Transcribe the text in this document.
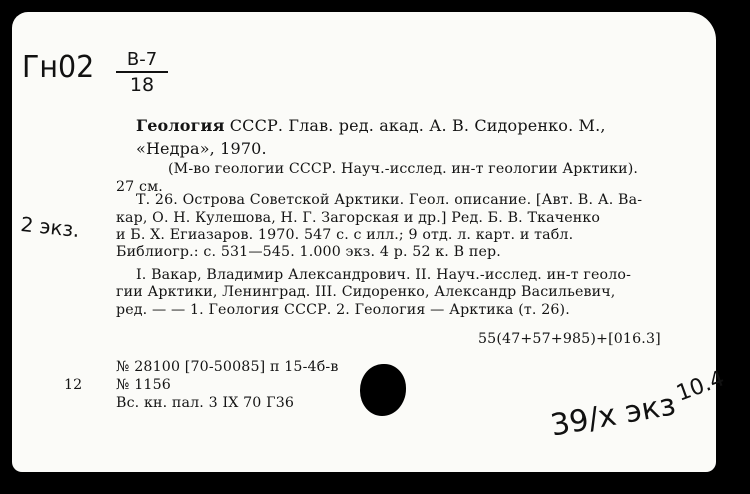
Гн02	В-7
18
Геология СССР. Глав. ред. акад. А. В. Сидоренко. М.,
«Недра», 1970.
(М-во геологии СССР. Науч.-исслед. ин-т геологии Арктики).
27 см.
Т. 26. Острова Советской Арктики. Геол. описание. [Авт. В. А. Ва-
кар, О. Н. Кулешова, Н. Г. Загорская и др.] Ред. Б. В. Ткаченко
и Б. Х. Егиазаров. 1970. 547 с. с илл.; 9 отд. л. карт. и табл.
Библиогр.: с. 531—545. 1.000 экз. 4 р. 52 к. В пер.
I. Вакар, Владимир Александрович. II. Науч.-исслед. ин-т геоло-
гии Арктики, Ленинград. III. Сидоренко, Александр Васильевич,
ред. — — 1. Геология СССР. 2. Геология — Арктика (т. 26).
55(47+57+985)+[016.3]
№ 28100 [70-50085] п 15-4б-в
12 № 1156
Вс. кн. пал. 3 IX 70 Г36
2 экз.
10.4
39/x экз
